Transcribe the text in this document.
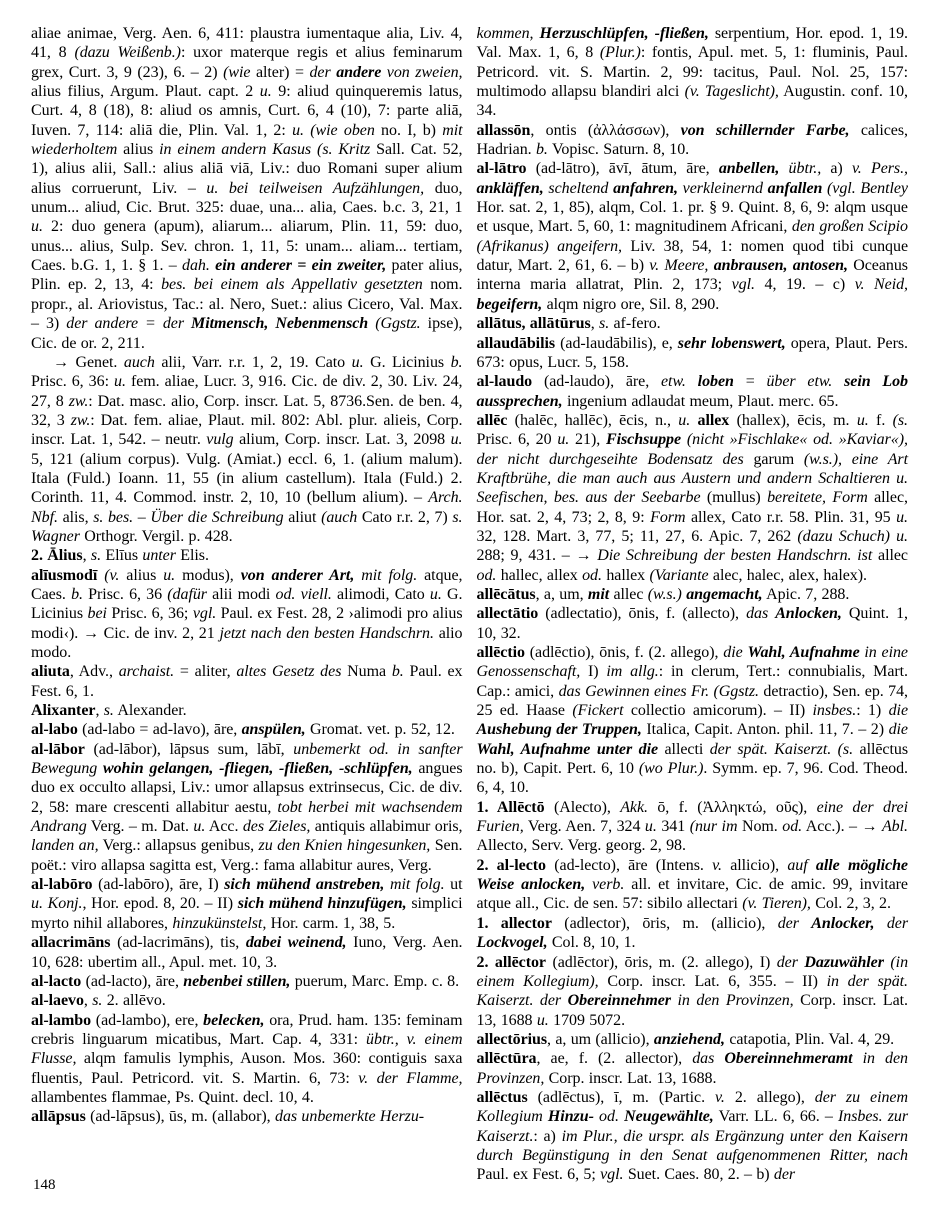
aliae animae, Verg. Aen. 6, 411: plaustra iumentaque alia, Liv. 4, 41, 8 (dazu Weißenb.): uxor materque regis et alius feminarum grex, Curt. 3, 9 (23), 6. – 2) (wie alter) = der andere von zweien, alius filius, Argum. Plaut. capt. 2 u. 9: aliud quinqueremis latus, Curt. 4, 8 (18), 8: aliud os amnis, Curt. 6, 4 (10), 7: parte aliā, Iuven. 7, 114: aliā die, Plin. Val. 1, 2: u. (wie oben no. I, b) mit wiederholtem alius in einem andern Kasus (s. Kritz Sall. Cat. 52, 1), alius alii, Sall.: alius aliā viā, Liv.: duo Romani super alium alius corruerunt, Liv. – u. bei teilweisen Aufzählungen, duo, unum... aliud, Cic. Brut. 325: duae, una... alia, Caes. b.c. 3, 21, 1 u. 2: duo genera (apum), aliarum... aliarum, Plin. 11, 59: duo, unus... alius, Sulp. Sev. chron. 1, 11, 5: unam... aliam... tertiam, Caes. b.G. 1, 1. § 1. – dah. ein anderer = ein zweiter, pater alius, Plin. ep. 2, 13, 4: bes. bei einem als Appellativ gesetzten nom. propr., al. Ariovistus, Tac.: al. Nero, Suet.: alius Cicero, Val. Max. – 3) der andere = der Mitmensch, Nebenmensch (Ggstz. ipse), Cic. de or. 2, 211.

→ Genet. auch alii, Varr. r.r. 1, 2, 19. Cato u. G. Licinius b. Prisc. 6, 36: u. fem. aliae, Lucr. 3, 916. Cic. de div. 2, 30. Liv. 24, 27, 8 zw.: Dat. masc. alio, Corp. inscr. Lat. 5, 8736.Sen. de ben. 4, 32, 3 zw.: Dat. fem. aliae, Plaut. mil. 802: Abl. plur. alieis, Corp. inscr. Lat. 1, 542. – neutr. vulg alium, Corp. inscr. Lat. 3, 2098 u. 5, 121 (alium corpus). Vulg. (Amiat.) eccl. 6, 1. (alium malum). Itala (Fuld.) Ioann. 11, 55 (in alium castellum). Itala (Fuld.) 2. Corinth. 11, 4. Commod. instr. 2, 10, 10 (bellum alium). – Arch. Nbf. alis, s. bes. – Über die Schreibung aliut (auch Cato r.r. 2, 7) s. Wagner Orthogr. Vergil. p. 428.

2. Ālius, s. Elīus unter Elis.

alīusmodī (v. alius u. modus), von anderer Art, mit folg. atque, Caes. b. Prisc. 6, 36 (dafür alii modi od. viell. alimodi, Cato u. G. Licinius bei Prisc. 6, 36; vgl. Paul. ex Fest. 28, 2 ›alimodi pro alius modi‹). → Cic. de inv. 2, 21 jetzt nach den besten Handschrn. alio modo.

aliuta, Adv., archaist. = aliter, altes Gesetz des Numa b. Paul. ex Fest. 6, 1.

Alixanter, s. Alexander.

al-labo (ad-labo = ad-lavo), āre, anspülen, Gromat. vet. p. 52, 12.

al-lābor (ad-lābor), lāpsus sum, lābī, unbemerkt od. in sanfter Bewegung wohin gelangen, -fliegen, -fließen, -schlüpfen, angues duo ex occulto allapsi, Liv.: umor allapsus extrinsecus, Cic. de div. 2, 58: mare crescenti allabitur aestu, tobt herbei mit wachsendem Andrang Verg. – m. Dat. u. Acc. des Zieles, antiquis allabimur oris, landen an, Verg.: allapsus genibus, zu den Knien hingesunken, Sen. poët.: viro allapsa sagitta est, Verg.: fama allabitur aures, Verg.

al-labōro (ad-labōro), āre, I) sich mühend anstreben, mit folg. ut u. Konj., Hor. epod. 8, 20. – II) sich mühend hinzufügen, simplici myrto nihil allabores, hinzukünstelst, Hor. carm. 1, 38, 5.

allacrimāns (ad-lacrimāns), tis, dabei weinend, Iuno, Verg. Aen. 10, 628: ubertim all., Apul. met. 10, 3.

al-lacto (ad-lacto), āre, nebenbei stillen, puerum, Marc. Emp. c. 8.

al-laevo, s. 2. allēvo.

al-lambo (ad-lambo), ere, belecken, ora, Prud. ham. 135: feminam crebris linguarum micatibus, Mart. Cap. 4, 331: übtr., v. einem Flusse, alqm famulis lymphis, Auson. Mos. 360: contiguis saxa fluentis, Paul. Petricord. vit. S. Martin. 6, 73: v. der Flamme, allambentes flammae, Ps. Quint. decl. 10, 4.

allāpsus (ad-lāpsus), ūs, m. (allabor), das unbemerkte Herzu-

kommen, Herzuschlüpfen, -fließen, serpentium, Hor. epod. 1, 19. Val. Max. 1, 6, 8 (Plur.): fontis, Apul. met. 5, 1: fluminis, Paul. Petricord. vit. S. Martin. 2, 99: tacitus, Paul. Nol. 25, 157: multimodo allapsu blandiri alci (v. Tageslicht), Augustin. conf. 10, 34.

allassōn, ontis (ἀλλάσσων), von schillernder Farbe, calices, Hadrian. b. Vopisc. Saturn. 8, 10.

al-lātro (ad-lātro), āvī, ātum, āre, anbellen, übtr., a) v. Pers., ankläffen, scheltend anfahren, verkleinernd anfallen (vgl. Bentley Hor. sat. 2, 1, 85), alqm, Col. 1. pr. § 9. Quint. 8, 6, 9: alqm usque et usque, Mart. 5, 60, 1: magnitudinem Africani, den großen Scipio (Afrikanus) angeifern, Liv. 38, 54, 1: nomen quod tibi cunque datur, Mart. 2, 61, 6. – b) v. Meere, anbrausen, antosen, Oceanus interna maria allatrat, Plin. 2, 173; vgl. 4, 19. – c) v. Neid, begeifern, alqm nigro ore, Sil. 8, 290.

allātus, allātūrus, s. af-fero.

allaudābilis (ad-laudābilis), e, sehr lobenswert, opera, Plaut. Pers. 673: opus, Lucr. 5, 158.

al-laudo (ad-laudo), āre, etw. loben = über etw. sein Lob aussprechen, ingenium adlaudat meum, Plaut. merc. 65.

allēc (halēc, hallēc), ēcis, n., u. allex (hallex), ēcis, m. u. f. (s. Prisc. 6, 20 u. 21), Fischsuppe (nicht »Fischlake« od. »Kaviar«), der nicht durchgeseihte Bodensatz des garum (w.s.), eine Art Kraftbrühe, die man auch aus Austern und andern Schaltieren u. Seefischen, bes. aus der Seebarbe (mullus) bereitete, Form allec, Hor. sat. 2, 4, 73; 2, 8, 9: Form allex, Cato r.r. 58. Plin. 31, 95 u. 32, 128. Mart. 3, 77, 5; 11, 27, 6. Apic. 7, 262 (dazu Schuch) u. 288; 9, 431. – → Die Schreibung der besten Handschrn. ist allec od. hallec, allex od. hallex (Variante alec, halec, alex, halex).

allēcātus, a, um, mit allec (w.s.) angemacht, Apic. 7, 288.

allectātio (adlectatio), ōnis, f. (allecto), das Anlocken, Quint. 1, 10, 32.

allēctio (adlēctio), ōnis, f. (2. allego), die Wahl, Aufnahme in eine Genossenschaft, I) im allg.: in clerum, Tert.: connubialis, Mart. Cap.: amici, das Gewinnen eines Fr. (Ggstz. detractio), Sen. ep. 74, 25 ed. Haase (Fickert collectio amicorum). – II) insbes.: 1) die Aushebung der Truppen, Italica, Capit. Anton. phil. 11, 7. – 2) die Wahl, Aufnahme unter die allecti der spät. Kaiserzt. (s. allēctus no. b), Capit. Pert. 6, 10 (wo Plur.). Symm. ep. 7, 96. Cod. Theod. 6, 4, 10.

1. Allēctō (Alecto), Akk. ō, f. (Ἀλληκτώ, οῦς), eine der drei Furien, Verg. Aen. 7, 324 u. 341 (nur im Nom. od. Acc.). – → Abl. Allecto, Serv. Verg. georg. 2, 98.

2. al-lecto (ad-lecto), āre (Intens. v. allicio), auf alle mögliche Weise anlocken, verb. all. et invitare, Cic. de amic. 99, invitare atque all., Cic. de sen. 57: sibilo allectari (v. Tieren), Col. 2, 3, 2.

1. allector (adlector), ōris, m. (allicio), der Anlocker, der Lockvogel, Col. 8, 10, 1.

2. allēctor (adlēctor), ōris, m. (2. allego), I) der Dazuwähler (in einem Kollegium), Corp. inscr. Lat. 6, 355. – II) in der spät. Kaiserzt. der Obereinnehmer in den Provinzen, Corp. inscr. Lat. 13, 1688 u. 1709 5072.

allectōrius, a, um (allicio), anziehend, catapotia, Plin. Val. 4, 29.

allēctūra, ae, f. (2. allector), das Obereinnehmeramt in den Provinzen, Corp. inscr. Lat. 13, 1688.

allēctus (adlēctus), ī, m. (Partic. v. 2. allego), der zu einem Kollegium Hinzu- od. Neugewählte, Varr. LL. 6, 66. – Insbes. zur Kaiserzt.: a) im Plur., die urspr. als Ergänzung unter den Kaisern durch Begünstigung in den Senat aufgenommenen Ritter, nach Paul. ex Fest. 6, 5; vgl. Suet. Caes. 80, 2. – b) der

148
